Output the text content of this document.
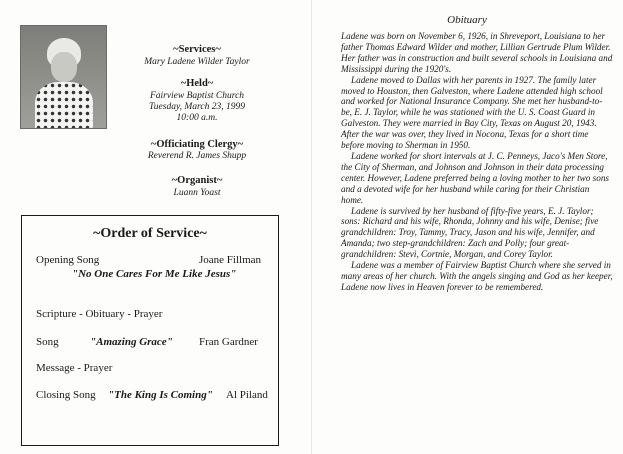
~Services~
Mary Ladene Wilder Taylor
~Held~
Fairview Baptist Church
Tuesday, March 23, 1999
10:00 a.m.
~Officiating Clergy~
Reverend R. James Shupp
~Organist~
Luann Yoast
~Order of Service~
Opening Song	Joane Fillman
"No One Cares For Me Like Jesus"
Scripture - Obituary - Prayer
Song	"Amazing Grace" Fran Gardner
Message - Prayer
Closing Song "The King Is Coming" Al Piland
Obituary

Ladene was born on November 6, 1926, in Shreveport, Louisiana to her father Thomas Edward Wilder and mother, Lillian Gertrude Plum Wilder. Her father was in construction and built several schools in Louisiana and Mississippi during the 1920's.

Ladene moved to Dallas with her parents in 1927. The family later moved to Houston, then Galveston, where Ladene attended high school and worked for National Insurance Company. She met her husband-to-be, E. J. Taylor, while he was stationed with the U. S. Coast Guard in Galveston. They were married in Bay City, Texas on August 20, 1943. After the war was over, they lived in Nocona, Texas for a short time before moving to Sherman in 1950.

Ladene worked for short intervals at J. C. Penneys, Jaco's Men Store, the City of Sherman, and Johnson and Johnson in their data processing center. However, Ladene preferred being a loving mother to her two sons and a devoted wife for her husband while caring for their Christian home.

Ladene is survived by her husband of fifty-five years, E. J. Taylor; sons: Richard and his wife, Rhonda, Johnny and his wife, Denise; five grandchildren: Troy, Tammy, Tracy, Jason and his wife, Jennifer, and Amanda; two step-grandchildren: Zach and Polly; four great-grandchildren: Stevi, Cortnie, Morgan, and Corey Taylor.

Ladene was a member of Fairview Baptist Church where she served in many areas of her church. With the angels singing and God as her keeper, Ladene now lives in Heaven forever to be remembered.
